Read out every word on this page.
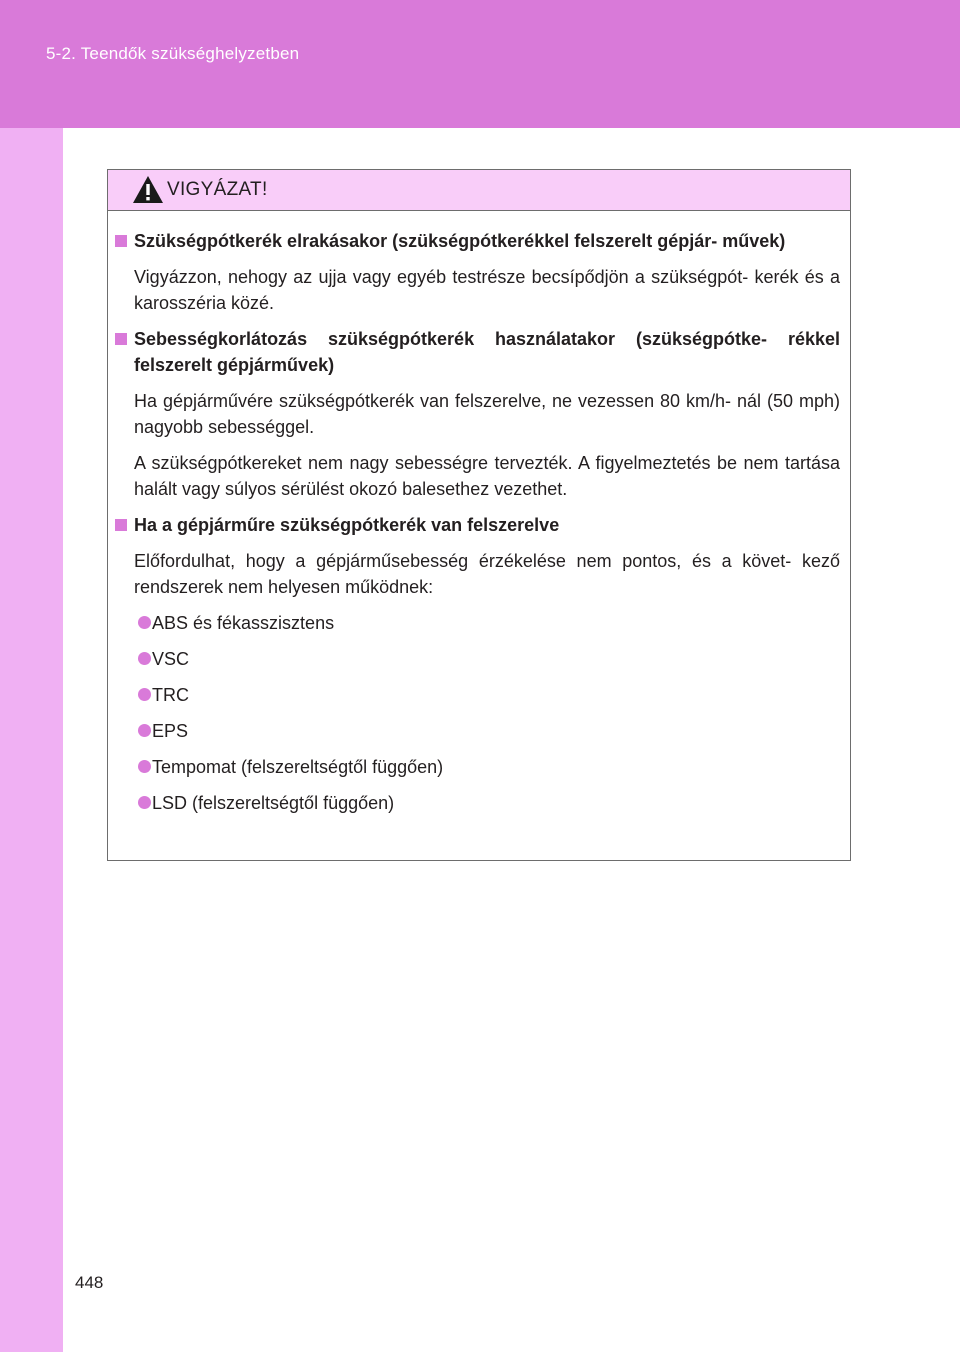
5-2. Teendők szükséghelyzetben
VIGYÁZAT!
Szükségpótkerék elrakásakor (szükségpótkerékkel felszerelt gépjár- művek)
Vigyázzon, nehogy az ujja vagy egyéb testrésze becsípődjön a szükségpót- kerék és a karosszéria közé.
Sebességkorlátozás szükségpótkerék használatakor (szükségpótke- rékkel felszerelt gépjárművek)
Ha gépjárművére szükségpótkerék van felszerelve, ne vezessen 80 km/h- nál (50 mph) nagyobb sebességgel.
A szükségpótkereket nem nagy sebességre tervezték. A figyelmeztetés be nem tartása halált vagy súlyos sérülést okozó balesethez vezethet.
Ha a gépjárműre szükségpótkerék van felszerelve
Előfordulhat, hogy a gépjárműsebesség érzékelése nem pontos, és a követ- kező rendszerek nem helyesen működnek:
ABS és fékasszisztens
VSC
TRC
EPS
Tempomat (felszereltségtől függően)
LSD (felszereltségtől függően)
448
